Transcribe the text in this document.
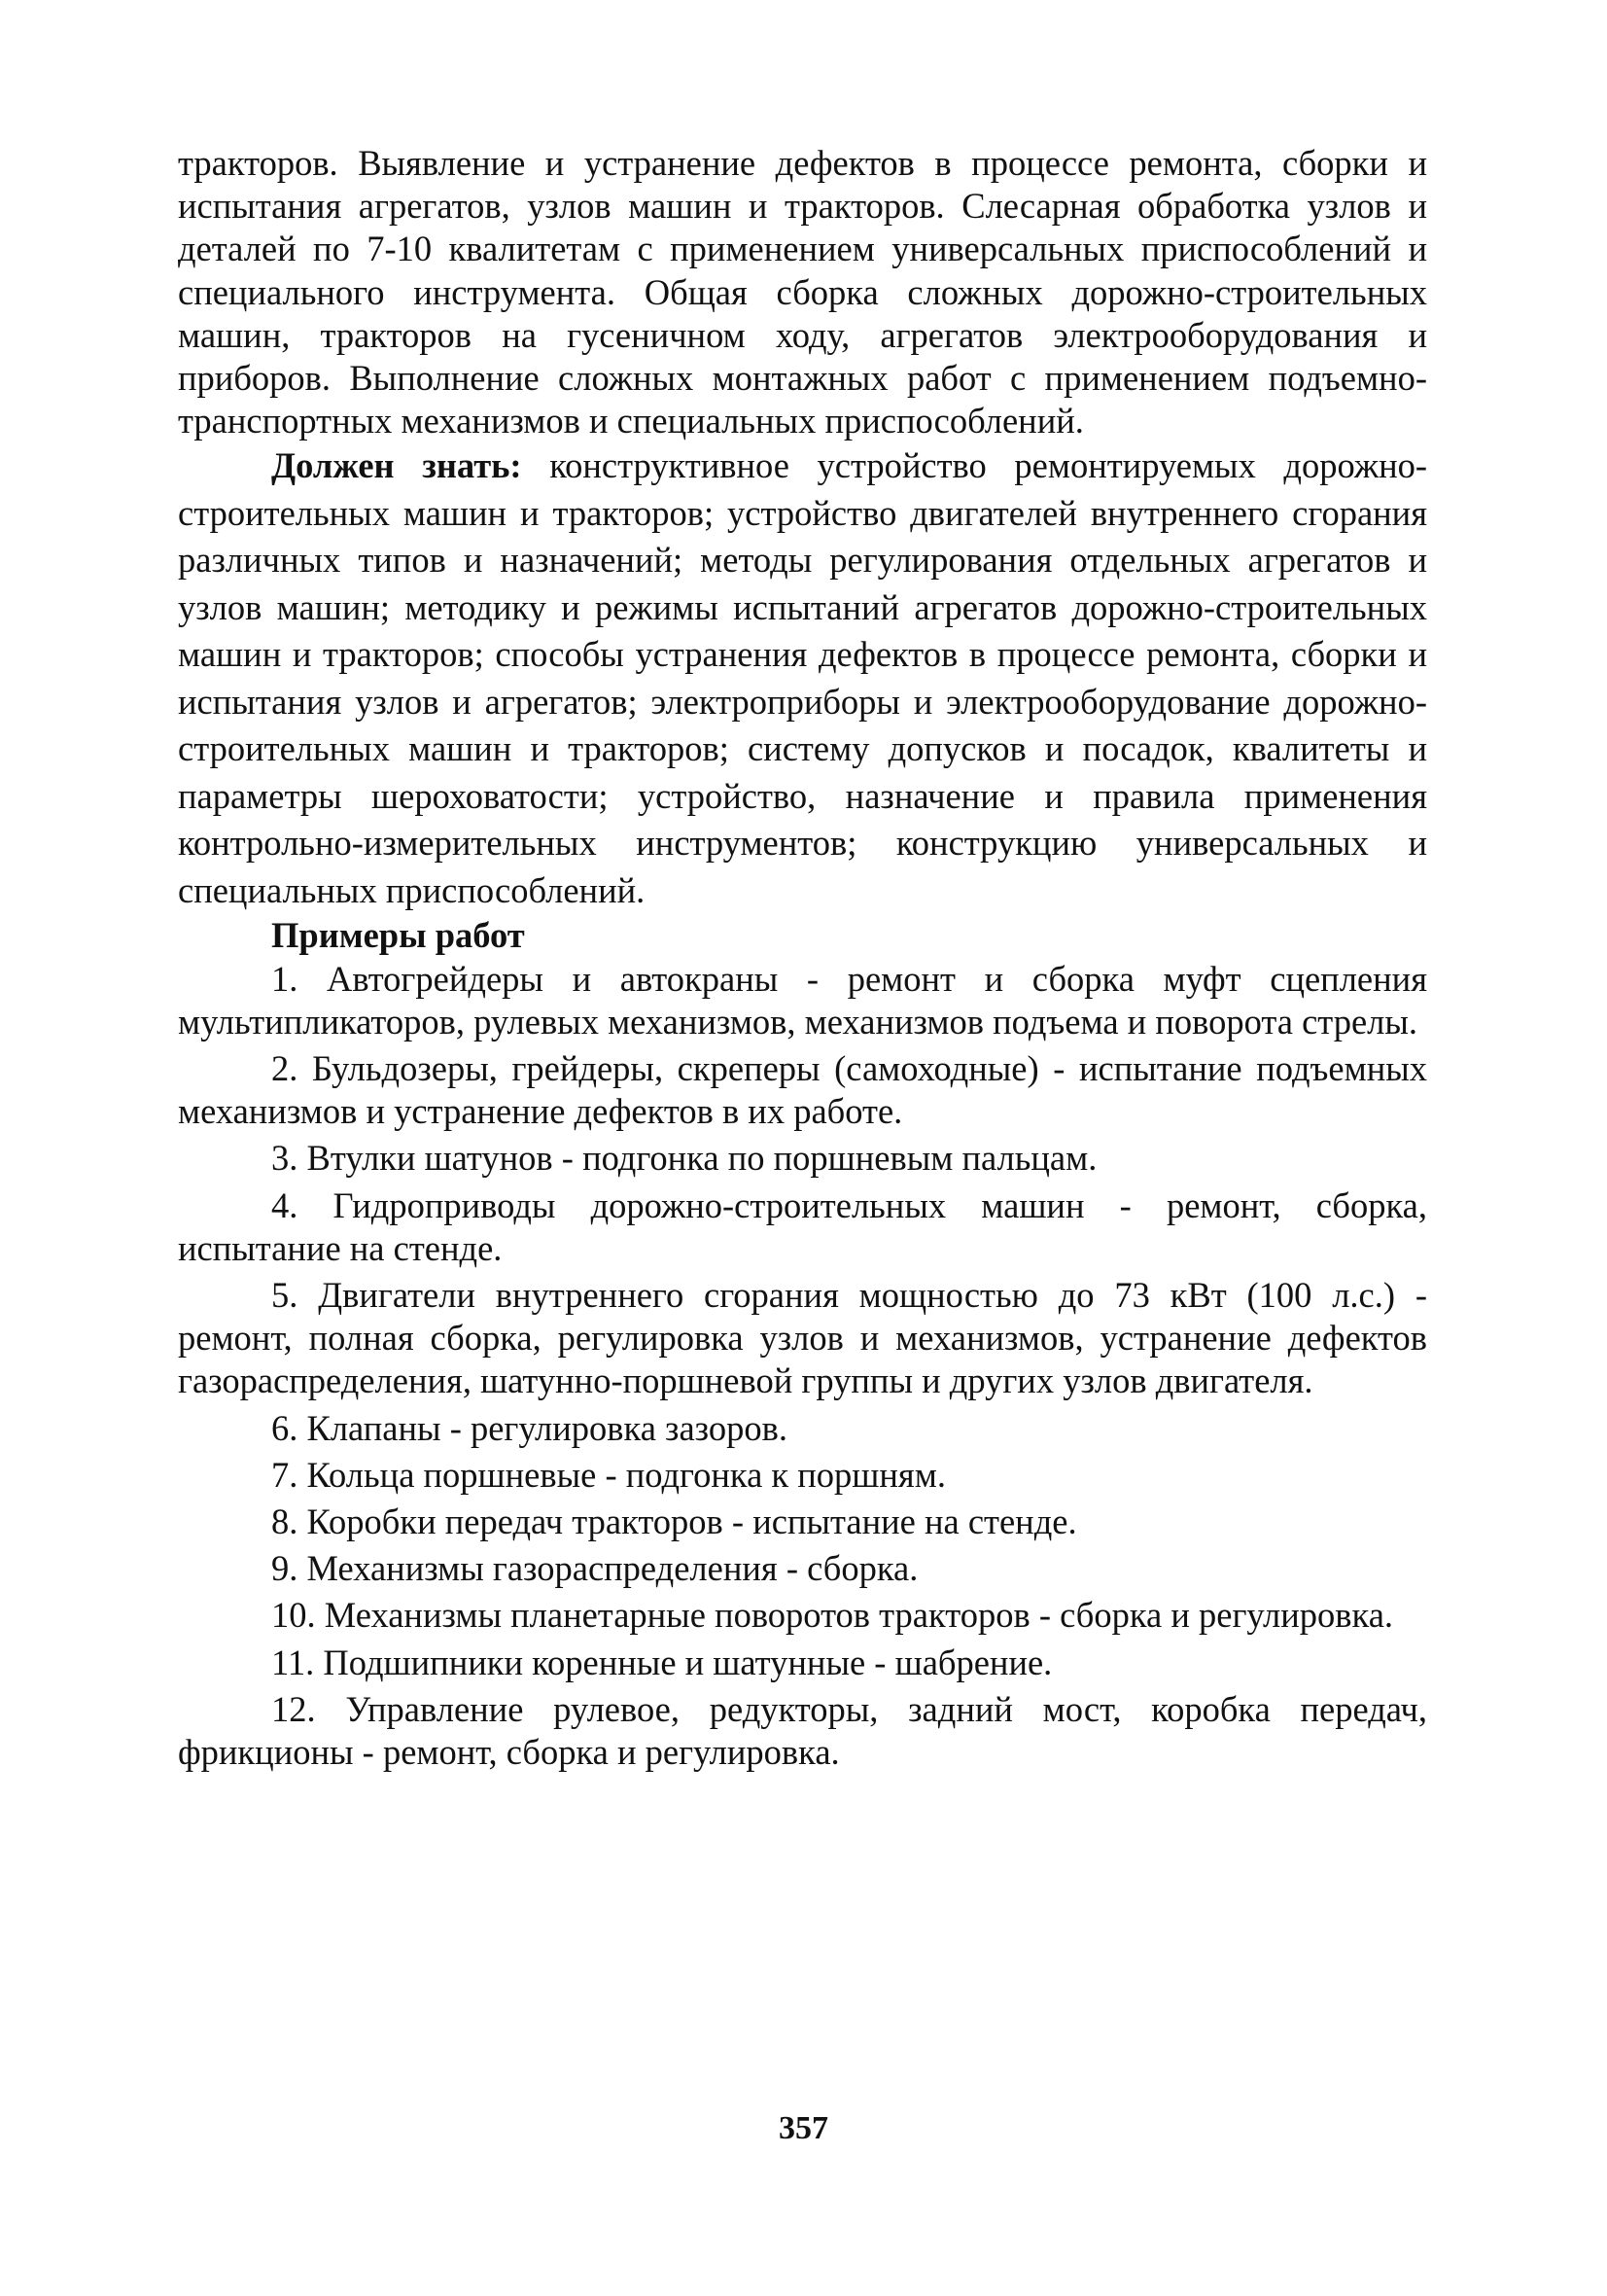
тракторов. Выявление и устранение дефектов в процессе ремонта, сборки и испытания агрегатов, узлов машин и тракторов. Слесарная обработка узлов и деталей по 7-10 квалитетам с применением универсальных приспособлений и специального инструмента. Общая сборка сложных дорожно-строительных машин, тракторов на гусеничном ходу, агрегатов электрооборудования и приборов. Выполнение сложных монтажных работ с применением подъемно-транспортных механизмов и специальных приспособлений.

Должен знать: конструктивное устройство ремонтируемых дорожно-строительных машин и тракторов; устройство двигателей внутреннего сгорания различных типов и назначений; методы регулирования отдельных агрегатов и узлов машин; методику и режимы испытаний агрегатов дорожно-строительных машин и тракторов; способы устранения дефектов в процессе ремонта, сборки и испытания узлов и агрегатов; электроприборы и электрооборудование дорожно-строительных машин и тракторов; систему допусков и посадок, квалитеты и параметры шероховатости; устройство, назначение и правила применения контрольно-измерительных инструментов; конструкцию универсальных и специальных приспособлений.

Примеры работ

1. Автогрейдеры и автокраны - ремонт и сборка муфт сцепления мультипликаторов, рулевых механизмов, механизмов подъема и поворота стрелы.

2. Бульдозеры, грейдеры, скреперы (самоходные) - испытание подъемных механизмов и устранение дефектов в их работе.

3. Втулки шатунов - подгонка по поршневым пальцам.

4. Гидроприводы дорожно-строительных машин - ремонт, сборка, испытание на стенде.

5. Двигатели внутреннего сгорания мощностью до 73 кВт (100 л.с.) - ремонт, полная сборка, регулировка узлов и механизмов, устранение дефектов газораспределения, шатунно-поршневой группы и других узлов двигателя.

6. Клапаны - регулировка зазоров.

7. Кольца поршневые - подгонка к поршням.

8. Коробки передач тракторов - испытание на стенде.

9. Механизмы газораспределения - сборка.

10. Механизмы планетарные поворотов тракторов - сборка и регулировка.

11. Подшипники коренные и шатунные - шабрение.

12. Управление рулевое, редукторы, задний мост, коробка передач, фрикционы - ремонт, сборка и регулировка.

357
